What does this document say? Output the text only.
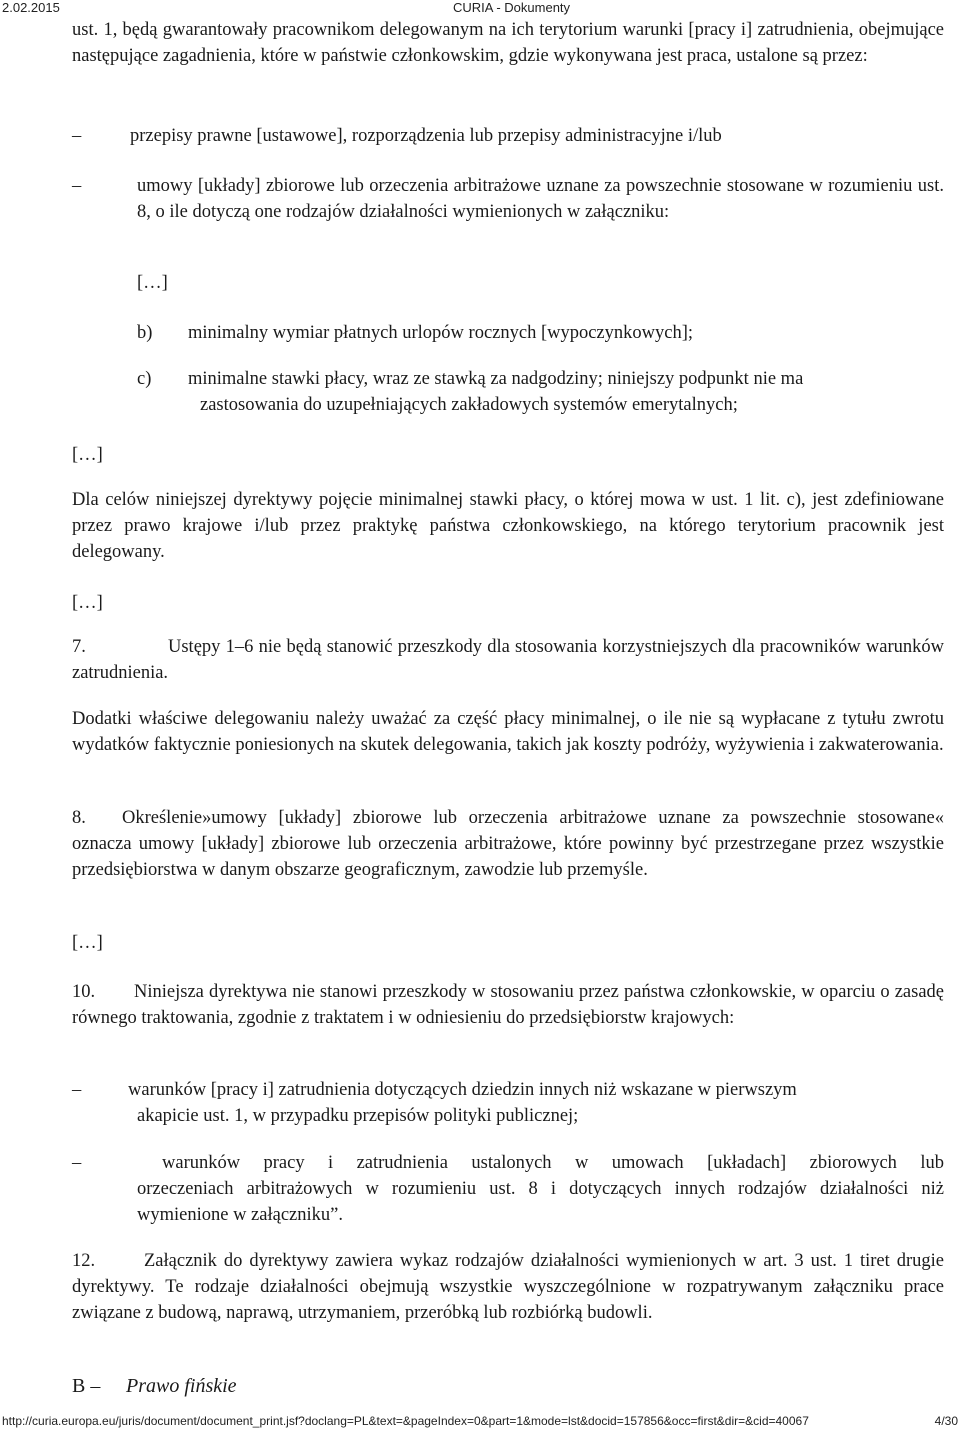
2.02.2015	CURIA - Dokumenty

ust. 1, będą gwarantowały pracownikom delegowanym na ich terytorium warunki [pracy i] zatrudnienia, obejmujące następujące zagadnienia, które w państwie członkowskim, gdzie wykonywana jest praca, ustalone są przez:

–

przepisy prawne [ustawowe], rozporządzenia lub przepisy administracyjne i/lub

–

umowy [układy] zbiorowe lub orzeczenia arbitrażowe uznane za powszechnie stosowane w rozumieniu ust. 8, o ile dotyczą one rodzajów działalności wymienionych w załączniku:

[…]
b) minimalny wymiar płatnych urlopów rocznych [wypoczynkowych];

c) minimalne stawki płacy, wraz ze stawką za nadgodziny; niniejszy podpunkt nie ma

zastosowania do uzupełniających zakładowych systemów emerytalnych;

[…]

Dla celów niniejszej dyrektywy pojęcie minimalnej stawki płacy, o której mowa w ust. 1 lit. c), jest zdefiniowane przez prawo krajowe i/lub przez praktykę państwa członkowskiego, na którego terytorium pracownik jest delegowany.

[…]
7.	Ustępy 1–6 nie będą stanowić przeszkody dla stosowania korzystniejszych dla pracowników warunków zatrudnienia.

Dodatki właściwe delegowaniu należy uważać za część płacy minimalnej, o ile nie są wypłacane z tytułu zwrotu wydatków faktycznie poniesionych na skutek delegowania, takich jak koszty podróży, wyżywienia i zakwaterowania.

8.	Określenie»umowy [układy] zbiorowe lub orzeczenia arbitrażowe uznane za powszechnie stosowane« oznacza umowy [układy] zbiorowe lub orzeczenia arbitrażowe, które powinny być przestrzegane przez wszystkie przedsiębiorstwa w danym obszarze geograficznym, zawodzie lub przemyśle.

[…]
10.	Niniejsza dyrektywa nie stanowi przeszkody w stosowaniu przez państwa członkowskie, w oparciu o zasadę równego traktowania, zgodnie z traktatem i w odniesieniu do przedsiębiorstw krajowych:

–

warunków [pracy i] zatrudnienia dotyczących dziedzin innych niż wskazane w pierwszym

akapicie ust. 1, w przypadku przepisów polityki publicznej;

–

warunków pracy i zatrudnienia ustalonych w umowach [układach] zbiorowych lub

orzeczeniach arbitrażowych w rozumieniu ust. 8 i dotyczących innych rodzajów działalności niż wymienione w załączniku”.

12.	Załącznik do dyrektywy zawiera wykaz rodzajów działalności wymienionych w art. 3 ust. 1 tiret drugie dyrektywy. Te rodzaje działalności obejmują wszystkie wyszczególnione w rozpatrywanym załączniku prace związane z budową, naprawą, utrzymaniem, przeróbką lub rozbiórką budowli.

B – Prawo fińskie
http://curia.europa.eu/juris/document/document_print.jsf?doclang=PL&text=&pageIndex=0&part=1&mode=lst&docid=157856&occ=first&dir=&cid=40067	4/30
